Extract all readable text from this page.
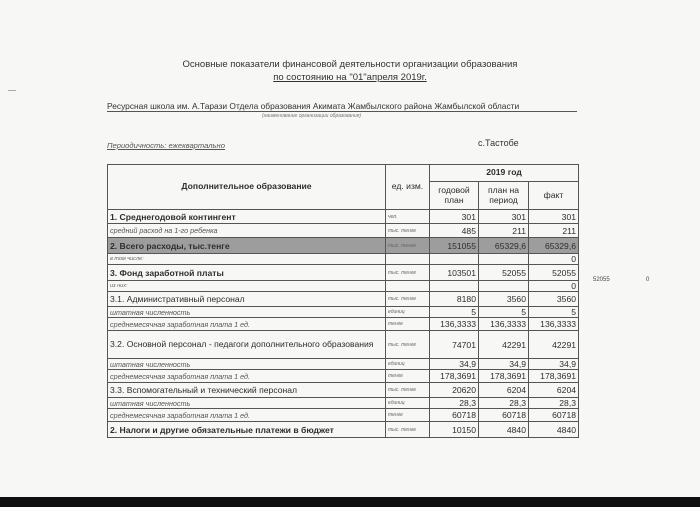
Основные показатели финансовой деятельности организации образования
по состоянию на "01"апреля 2019г.
Ресурсная школа им. А.Тарази Отдела образования Акимата Жамбылского района Жамбылской области
(наименование организации образования)
Периодичность: ежеквартально	с.Тастобе
Дополнительное образование	ед. изм.	2019 год		
		годовой план	план на период	факт
1. Среднегодовой контингент	чел.	301	301	301
средний расход на 1-го ребенка	тыс. тенге	485	211	211
2. Всего расходы, тыс.тенге	тыс. тенге	151055	65329,6	65329,6
в том числе:				0
3. Фонд заработной платы	тыс. тенге	103501	52055	52055
из них:				0
3.1. Административный персонал	тыс. тенге	8180	3560	3560
штатная численность	единиц	5	5	5
среднемесячная заработная плата 1 ед.	тенге	136,3333	136,3333	136,3333
3.2. Основной персонал - педагоги дополнительного образования	тыс. тенге	74701	42291	42291
штатная численность	единиц	34,9	34,9	34,9
среднемесячная заработная плата 1 ед.	тенге	178,3691	178,3691	178,3691
3.3. Вспомогательный и технический персонал	тыс. тенге	20620	6204	6204
штатная численность	единиц	28,3	28,3	28,3
среднемесячная заработная плата 1 ед.	тенге	60718	60718	60718
2. Налоги и другие обязательные платежи в бюджет	тыс. тенге	10150	4840	4840
52055	0
